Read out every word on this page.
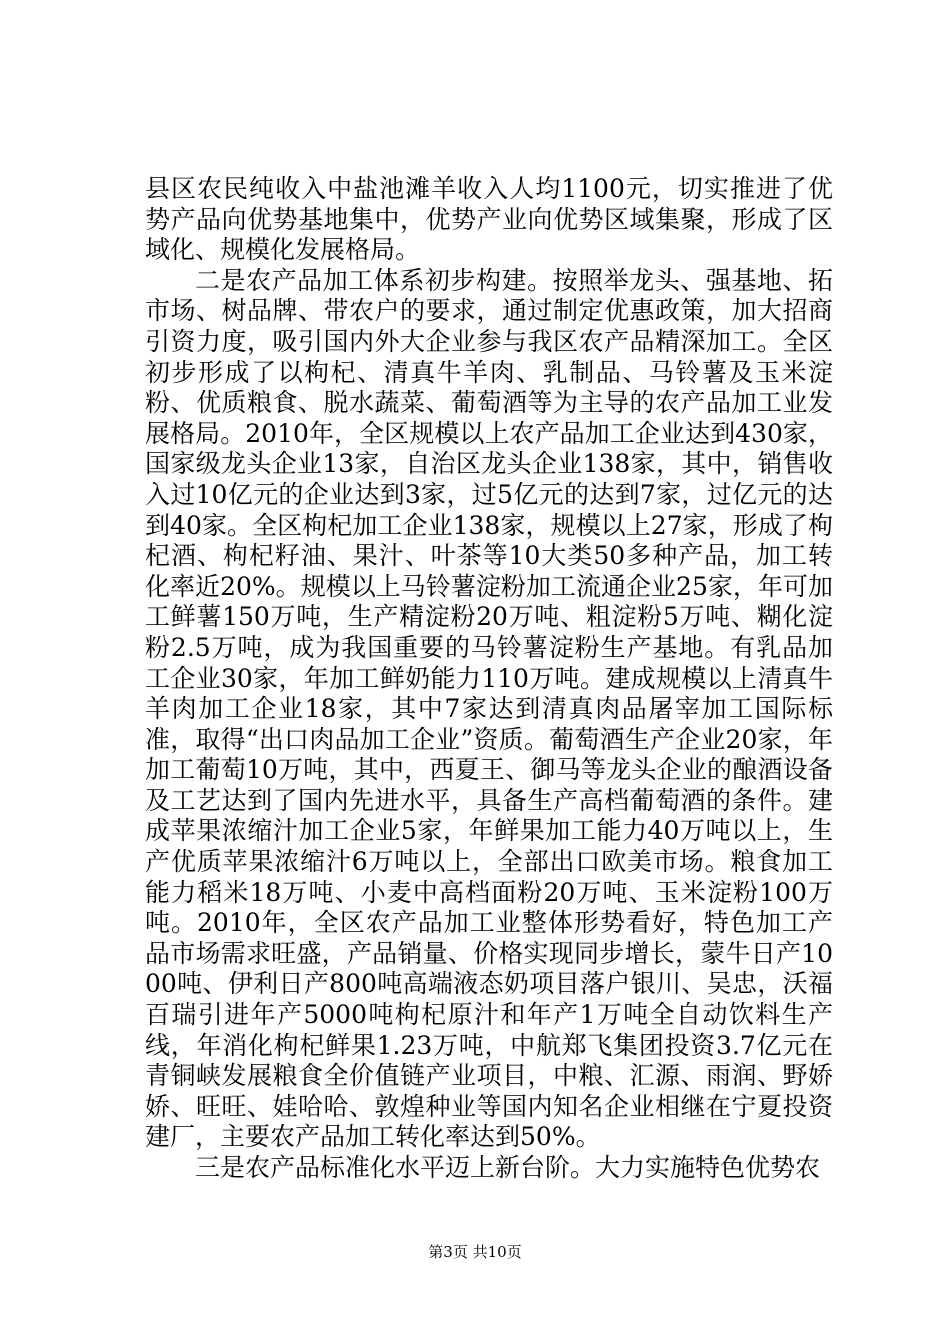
县区农民纯收入中盐池滩羊收入人均1100元，切实推进了优势产品向优势基地集中，优势产业向优势区域集聚，形成了区域化、规模化发展格局。

二是农产品加工体系初步构建。按照举龙头、强基地、拓市场、树品牌、带农户的要求，通过制定优惠政策，加大招商引资力度，吸引国内外大企业参与我区农产品精深加工。全区初步形成了以枸杞、清真牛羊肉、乳制品、马铃薯及玉米淀粉、优质粮食、脱水蔬菜、葡萄酒等为主导的农产品加工业发展格局。2010年，全区规模以上农产品加工企业达到430家，国家级龙头企业13家，自治区龙头企业138家，其中，销售收入过10亿元的企业达到3家，过5亿元的达到7家，过亿元的达到40家。全区枸杞加工企业138家，规模以上27家，形成了枸杞酒、枸杞籽油、果汁、叶茶等10大类50多种产品，加工转化率近20%。规模以上马铃薯淀粉加工流通企业25家，年可加工鲜薯150万吨，生产精淀粉20万吨、粗淀粉5万吨、糊化淀粉2.5万吨，成为我国重要的马铃薯淀粉生产基地。有乳品加工企业30家，年加工鲜奶能力110万吨。建成规模以上清真牛羊肉加工企业18家，其中7家达到清真肉品屠宰加工国际标准，取得“出口肉品加工企业”资质。葡萄酒生产企业20家，年加工葡萄10万吨，其中，西夏王、御马等龙头企业的酿酒设备及工艺达到了国内先进水平，具备生产高档葡萄酒的条件。建成苹果浓缩汁加工企业5家，年鲜果加工能力40万吨以上，生产优质苹果浓缩汁6万吨以上，全部出口欧美市场。粮食加工能力稻米18万吨、小麦中高档面粉20万吨、玉米淀粉100万吨。2010年，全区农产品加工业整体形势看好，特色加工产品市场需求旺盛，产品销量、价格实现同步增长，蒙牛日产1000吨、伊利日产800吨高端液态奶项目落户银川、吴忠，沃福百瑞引进年产5000吨枸杞原汁和年产1万吨全自动饮料生产线，年消化枸杞鲜果1.23万吨，中航郑飞集团投资3.7亿元在青铜峡发展粮食全价值链产业项目，中粮、汇源、雨润、野娇娇、旺旺、娃哈哈、敦煌种业等国内知名企业相继在宁夏投资建厂，主要农产品加工转化率达到50%。

三是农产品标准化水平迈上新台阶。大力实施特色优势农

第3页 共10页
